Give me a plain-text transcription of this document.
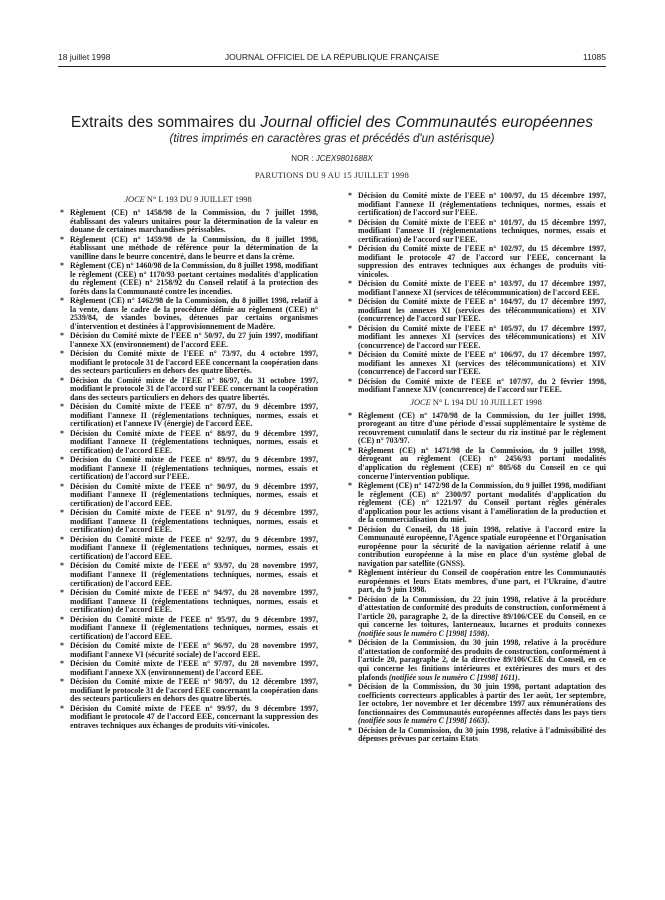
18 juillet 1998	JOURNAL OFFICIEL DE LA RÉPUBLIQUE FRANÇAISE	11085
Extraits des sommaires du Journal officiel des Communautés européennes
(titres imprimés en caractères gras et précédés d'un astérisque)
NOR : JCEX9801688X
PARUTIONS DU 9 AU 15 JUILLET 1998
JOCE N° L 193 DU 9 JUILLET 1998
* Règlement (CE) n° 1458/98 de la Commission, du 7 juillet 1998, établissant des valeurs unitaires pour la détermination de la valeur en douane de certaines marchandises périssables.
* Règlement (CE) n° 1459/98 de la Commission, du 8 juillet 1998, établissant une méthode de référence pour la détermination de la vanilline dans le beurre concentré, dans le beurre et dans la crème.
* Règlement (CE) n° 1460/98 de la Commission, du 8 juillet 1998, modifiant le règlement (CEE) n° 1170/93 portant certaines modalités d'application du règlement (CEE) n° 2158/92 du Conseil relatif à la protection des forêts dans la Communauté contre les incendies.
* Règlement (CE) n° 1462/98 de la Commission, du 8 juillet 1998, relatif à la vente, dans le cadre de la procédure définie au règlement (CEE) n° 2539/84, de viandes bovines, détenues par certains organismes d'intervention et destinées à l'approvisionnement de Madère.
* Décision du Comité mixte de l'EEE n° 50/97, du 27 juin 1997, modifiant l'annexe XX (environnement) de l'accord EEE.
* Décision du Comité mixte de l'EEE n° 73/97, du 4 octobre 1997, modifiant le protocole 31 de l'accord EEE concernant la coopération dans des secteurs particuliers en dehors des quatre libertés.
* Décision du Comité mixte de l'EEE n° 86/97, du 31 octobre 1997, modifiant le protocole 31 de l'accord sur l'EEE concernant la coopération dans des secteurs particuliers en dehors des quatre libertés.
* Décision du Comité mixte de l'EEE n° 87/97, du 9 décembre 1997, modifiant l'annexe II (réglementations techniques, normes, essais et certification) et l'annexe IV (énergie) de l'accord EEE.
* Décision du Comité mixte de l'EEE n° 88/97, du 9 décembre 1997, modifiant l'annexe II (réglementations techniques, normes, essais et certification) de l'accord EEE.
* Décision du Comité mixte de l'EEE n° 89/97, du 9 décembre 1997, modifiant l'annexe II (réglementations techniques, normes, essais et certification) de l'accord sur l'EEE.
* Décision du Comité mixte de l'EEE n° 90/97, du 9 décembre 1997, modifiant l'annexe II (réglementations techniques, normes, essais et certification) de l'accord EEE.
* Décision du Comité mixte de l'EEE n° 91/97, du 9 décembre 1997, modifiant l'annexe II (réglementations techniques, normes, essais et certification) de l'accord EEE.
* Décision du Comité mixte de l'EEE n° 92/97, du 9 décembre 1997, modifiant l'annexe II (réglementations techniques, normes, essais et certification) de l'accord EEE.
* Décision du Comité mixte de l'EEE n° 93/97, du 28 novembre 1997, modifiant l'annexe II (réglementations techniques, normes, essais et certification) de l'accord EEE.
* Décision du Comité mixte de l'EEE n° 94/97, du 28 novembre 1997, modifiant l'annexe II (réglementations techniques, normes, essais et certification) de l'accord EEE.
* Décision du Comité mixte de l'EEE n° 95/97, du 9 décembre 1997, modifiant l'annexe II (réglementations techniques, normes, essais et certification) de l'accord EEE.
* Décision du Comité mixte de l'EEE n° 96/97, du 28 novembre 1997, modifiant l'annexe VI (sécurité sociale) de l'accord EEE.
* Décision du Comité mixte de l'EEE n° 97/97, du 28 novembre 1997, modifiant l'annexe XX (environnement) de l'accord EEE.
* Décision du Comité mixte de l'EEE n° 98/97, du 12 décembre 1997, modifiant le protocole 31 de l'accord EEE concernant la coopération dans des secteurs particuliers en dehors des quatre libertés.
* Décision du Comité mixte de l'EEE n° 99/97, du 9 décembre 1997, modifiant le protocole 47 de l'accord EEE, concernant la suppression des entraves techniques aux échanges de produits viti-vinicoles.
* Décision du Comité mixte de l'EEE n° 100/97, du 15 décembre 1997, modifiant l'annexe II (réglementations techniques, normes, essais et certification) de l'accord sur l'EEE.
* Décision du Comité mixte de l'EEE n° 101/97, du 15 décembre 1997, modifiant l'annexe II (réglementations techniques, normes, essais et certification) de l'accord sur l'EEE.
* Décision du Comité mixte de l'EEE n° 102/97, du 15 décembre 1997, modifiant le protocole 47 de l'accord sur l'EEE, concernant la suppression des entraves techniques aux échanges de produits viti-vinicoles.
* Décision du Comité mixte de l'EEE n° 103/97, du 17 décembre 1997, modifiant l'annexe XI (services de télécommunication) de l'accord EEE.
* Décision du Comité mixte de l'EEE n° 104/97, du 17 décembre 1997, modifiant les annexes XI (services des télécommunications) et XIV (concurrence) de l'accord sur l'EEE.
* Décision du Comité mixte de l'EEE n° 105/97, du 17 décembre 1997, modifiant les annexes XI (services des télécommunications) et XIV (concurrence) de l'accord sur l'EEE.
* Décision du Comité mixte de l'EEE n° 106/97, du 17 décembre 1997, modifiant les annexes XI (services des télécommunications) et XIV (concurrence) de l'accord sur l'EEE.
* Décision du Comité mixte de l'EEE n° 107/97, du 2 février 1998, modifiant l'annexe XIV (concurrence) de l'accord sur l'EEE.
JOCE N° L 194 DU 10 JUILLET 1998
* Règlement (CE) n° 1470/98 de la Commission, du 1er juillet 1998, prorogeant au titre d'une période d'essai supplémentaire le système de recouvrement cumulatif dans le secteur du riz institué par le règlement (CE) n° 703/97.
* Règlement (CE) n° 1471/98 de la Commission, du 9 juillet 1998, dérogeant au règlement (CEE) n° 2456/93 portant modalités d'application du règlement (CEE) n° 805/68 du Conseil en ce qui concerne l'intervention publique.
* Règlement (CE) n° 1472/98 de la Commission, du 9 juillet 1998, modifiant le règlement (CE) n° 2300/97 portant modalités d'application du règlement (CE) n° 1221/97 du Conseil portant règles générales d'application pour les actions visant à l'amélioration de la production et de la commercialisation du miel.
* Décision du Conseil, du 18 juin 1998, relative à l'accord entre la Communauté européenne, l'Agence spatiale européenne et l'Organisation européenne pour la sécurité de la navigation aérienne relatif à une contribution européenne à la mise en place d'un système global de navigation par satellite (GNSS).
* Règlement intérieur du Conseil de coopération entre les Communautés européennes et leurs Etats membres, d'une part, et l'Ukraine, d'autre part, du 9 juin 1998.
* Décision de la Commission, du 22 juin 1998, relative à la procédure d'attestation de conformité des produits de construction, conformément à l'article 20, paragraphe 2, de la directive 89/106/CEE du Conseil, en ce qui concerne les toitures, lanterneaux, lucarnes et produits connexes (notifiée sous le numéro C [1998] 1598).
* Décision de la Commission, du 30 juin 1998, relative à la procédure d'attestation de conformité des produits de construction, conformément à l'article 20, paragraphe 2, de la directive 89/106/CEE du Conseil, en ce qui concerne les finitions intérieures et extérieures des murs et des plafonds (notifiée sous le numéro C [1998] 1611).
* Décision de la Commission, du 30 juin 1998, portant adaptation des coefficients correcteurs applicables à partir des 1er août, 1er septembre, 1er octobre, 1er novembre et 1er décembre 1997 aux rémunérations des fonctionnaires des Communautés européennes affectés dans les pays tiers (notifiée sous le numéro C [1998] 1663).
* Décision de la Commission, du 30 juin 1998, relative à l'admissibilité des dépenses prévues par certains Etats
